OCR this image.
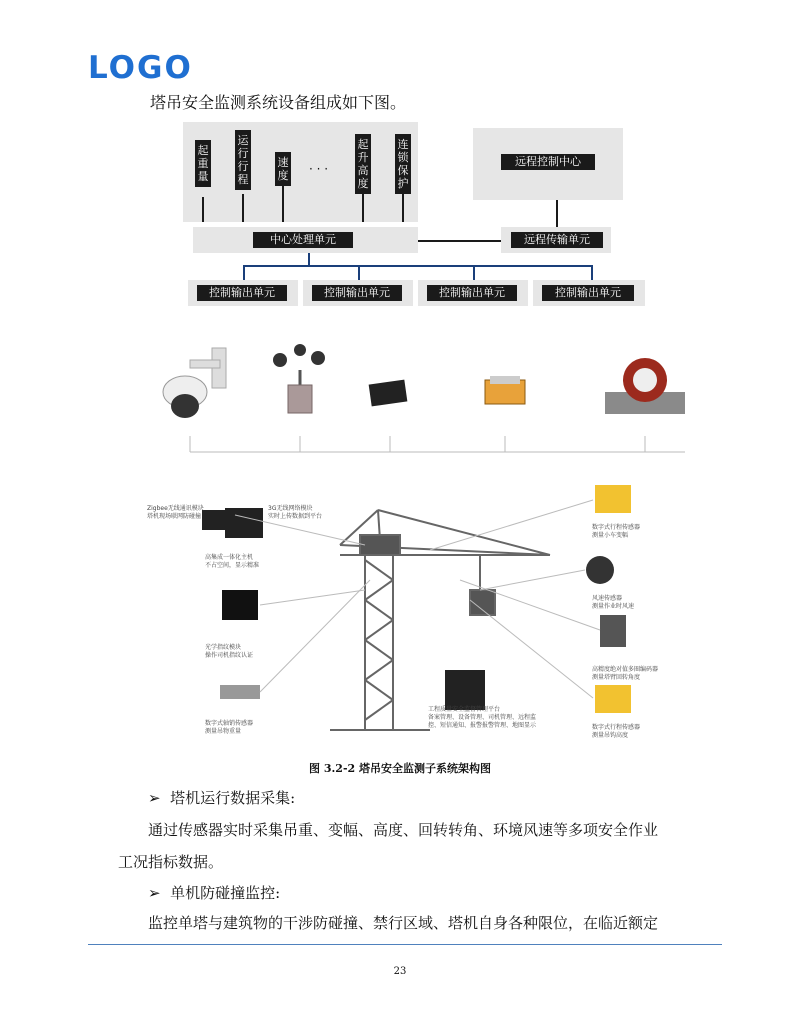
LOGO
塔吊安全监测系统设备组成如下图。
起重量
运行行程
速度 · · ·
起升高度
连锁保护
远程控制中心
中心处理单元	远程传输单元
控制输出单元	控制输出单元	控制输出单元	控制输出单元
Zigbee无线通讯模块
塔机现场联网防碰撞
3G无线网络模块
实时上传数据到平台
高集成一体化主机
不占空间，显示精准
光学指纹模块
操作司机指纹认证
数字式轴销传感器
测量吊物重量
工程质量安全监督管理平台
备案管理、设备管理、司机管理、远程监
控、短信通知、报警报警管理、地图显示
数字式行程传感器
测量小车变幅
风速传感器
测量作业时风速
高精度绝对值多圈编码器
测量塔臂回转角度
数字式行程传感器
测量吊钩高度
图 3.2-2 塔吊安全监测子系统架构图
➢  塔机运行数据采集:
通过传感器实时采集吊重、变幅、高度、回转转角、环境风速等多项安全作业
工况指标数据。
➢  单机防碰撞监控:
监控单塔与建筑物的干涉防碰撞、禁行区域、塔机自身各种限位，在临近额定
23
